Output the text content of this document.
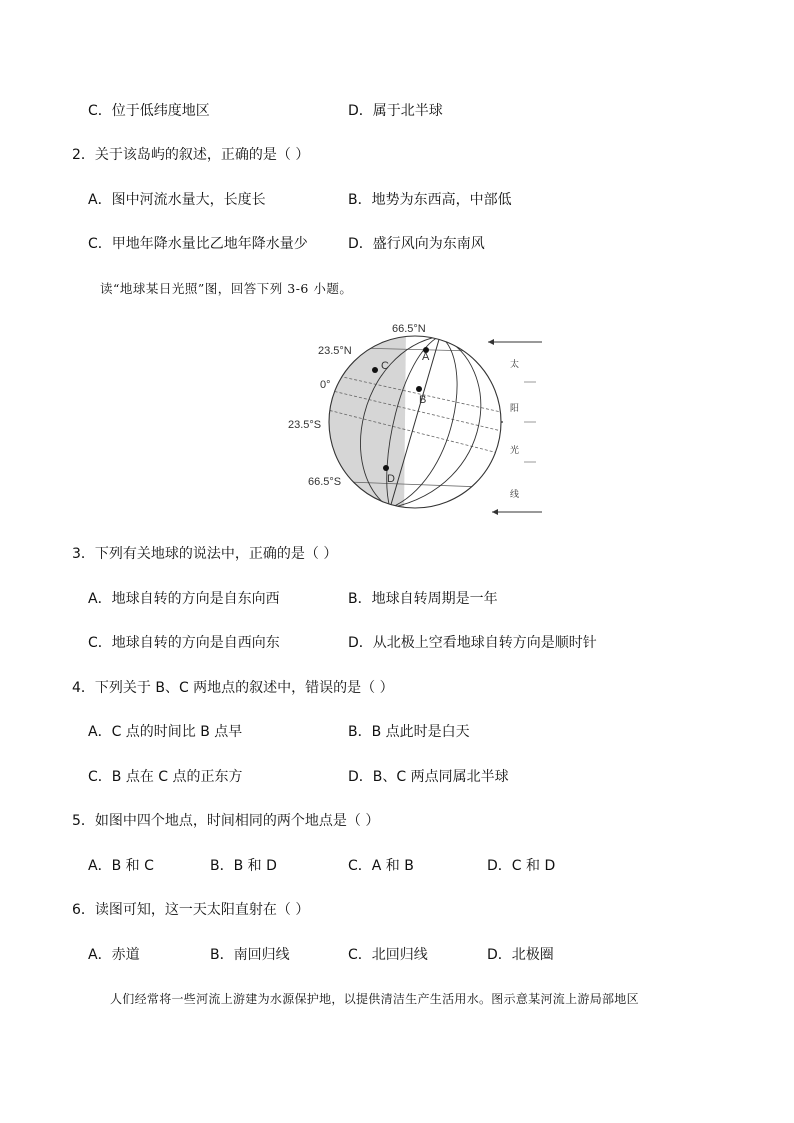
C．位于低纬度地区	D．属于北半球
2．关于该岛屿的叙述，正确的是（ ）
A．图中河流水量大，长度长	B．地势为东西高，中部低
C．甲地年降水量比乙地年降水量少	D．盛行风向为东南风
读“地球某日光照”图，回答下列 3-6 小题。
66.5°N
23.5°N
0°
23.5°S
66.5°S
A
B
C
D
太
阳
光
线
3．下列有关地球的说法中，正确的是（ ）
A．地球自转的方向是自东向西	B．地球自转周期是一年
C．地球自转的方向是自西向东	D．从北极上空看地球自转方向是顺时针
4．下列关于 B、C 两地点的叙述中，错误的是（ ）
A．C 点的时间比 B 点早	B．B 点此时是白天
C．B 点在 C 点的正东方	D．B、C 两点同属北半球
5．如图中四个地点，时间相同的两个地点是（ ）
A．B 和 C	B．B 和 D	C．A 和 B	D．C 和 D
6．读图可知，这一天太阳直射在（ ）
A．赤道	B．南回归线	C．北回归线	D．北极圈
人们经常将一些河流上游建为水源保护地，以提供清洁生产生活用水。图示意某河流上游局部地区
